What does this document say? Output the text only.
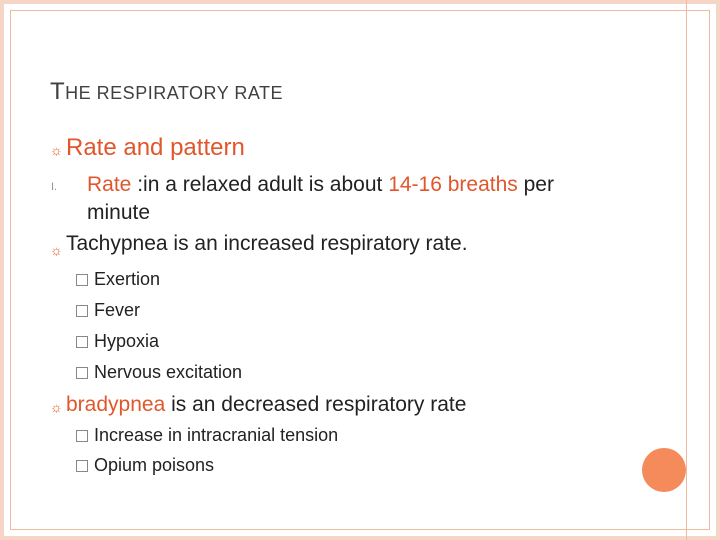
THE RESPIRATORY RATE
☼ Rate and pattern
I. Rate :in a relaxed adult is about 14-16 breaths per
minute
☼ Tachypnea is an increased respiratory rate.
Exertion
Fever
Hypoxia
Nervous excitation
☼ bradypnea is an decreased respiratory rate
Increase in intracranial tension
Opium poisons
